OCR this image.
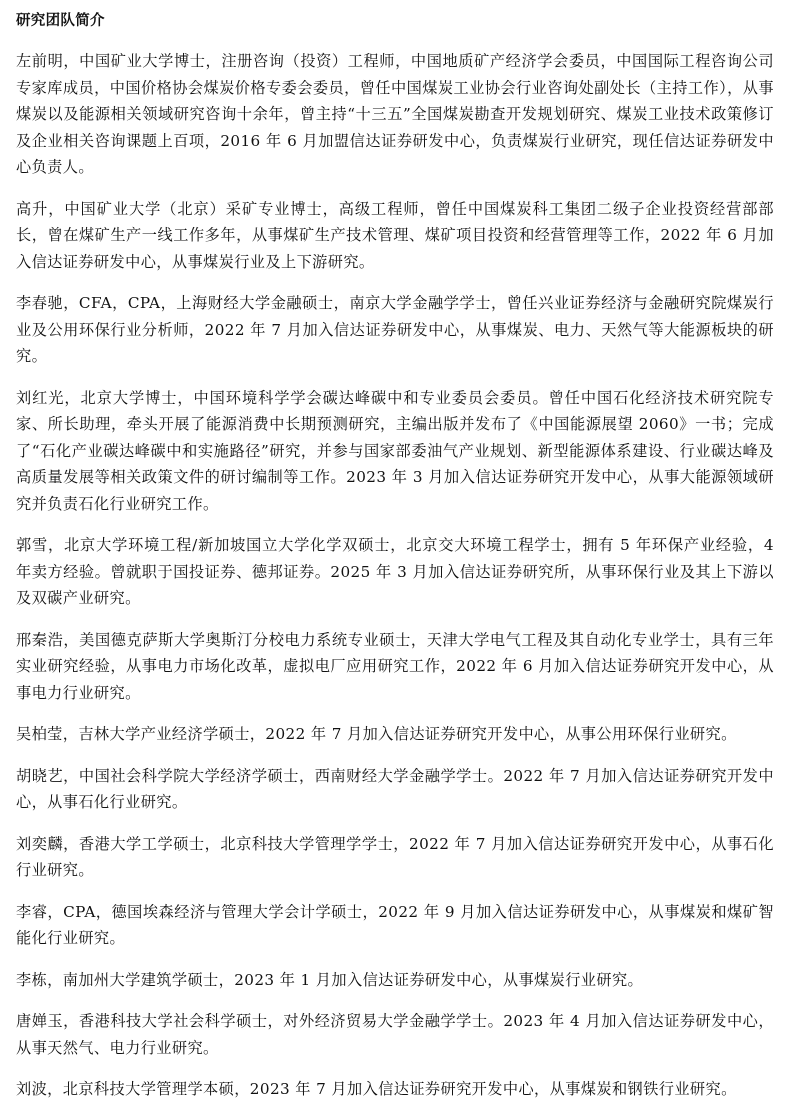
研究团队简介

左前明，中国矿业大学博士，注册咨询（投资）工程师，中国地质矿产经济学会委员，中国国际工程咨询公司专家库成员，中国价格协会煤炭价格专委会委员，曾任中国煤炭工业协会行业咨询处副处长（主持工作），从事煤炭以及能源相关领域研究咨询十余年，曾主持“十三五”全国煤炭勘查开发规划研究、煤炭工业技术政策修订及企业相关咨询课题上百项，2016 年 6 月加盟信达证券研发中心，负责煤炭行业研究，现任信达证券研发中心负责人。

高升，中国矿业大学（北京）采矿专业博士，高级工程师，曾任中国煤炭科工集团二级子企业投资经营部部长，曾在煤矿生产一线工作多年，从事煤矿生产技术管理、煤矿项目投资和经营管理等工作，2022 年 6 月加入信达证券研发中心，从事煤炭行业及上下游研究。

李春驰，CFA，CPA，上海财经大学金融硕士，南京大学金融学学士，曾任兴业证券经济与金融研究院煤炭行业及公用环保行业分析师，2022 年 7 月加入信达证券研发中心，从事煤炭、电力、天然气等大能源板块的研究。

刘红光，北京大学博士，中国环境科学学会碳达峰碳中和专业委员会委员。曾任中国石化经济技术研究院专家、所长助理，牵头开展了能源消费中长期预测研究，主编出版并发布了《中国能源展望 2060》一书；完成了“石化产业碳达峰碳中和实施路径”研究，并参与国家部委油气产业规划、新型能源体系建设、行业碳达峰及高质量发展等相关政策文件的研讨编制等工作。2023 年 3 月加入信达证券研究开发中心，从事大能源领域研究并负责石化行业研究工作。

郭雪，北京大学环境工程/新加坡国立大学化学双硕士，北京交大环境工程学士，拥有 5 年环保产业经验，4 年卖方经验。曾就职于国投证券、德邦证券。2025 年 3 月加入信达证券研究所，从事环保行业及其上下游以及双碳产业研究。

邢秦浩，美国德克萨斯大学奥斯汀分校电力系统专业硕士，天津大学电气工程及其自动化专业学士，具有三年实业研究经验，从事电力市场化改革，虚拟电厂应用研究工作，2022 年 6 月加入信达证券研究开发中心，从事电力行业研究。

吴柏莹，吉林大学产业经济学硕士，2022 年 7 月加入信达证券研究开发中心，从事公用环保行业研究。

胡晓艺，中国社会科学院大学经济学硕士，西南财经大学金融学学士。2022 年 7 月加入信达证券研究开发中心，从事石化行业研究。

刘奕麟，香港大学工学硕士，北京科技大学管理学学士，2022 年 7 月加入信达证券研究开发中心，从事石化行业研究。

李睿，CPA，德国埃森经济与管理大学会计学硕士，2022 年 9 月加入信达证券研发中心，从事煤炭和煤矿智能化行业研究。

李栋，南加州大学建筑学硕士，2023 年 1 月加入信达证券研发中心，从事煤炭行业研究。

唐婵玉，香港科技大学社会科学硕士，对外经济贸易大学金融学学士。2023 年 4 月加入信达证券研发中心，从事天然气、电力行业研究。

刘波，北京科技大学管理学本硕，2023 年 7 月加入信达证券研究开发中心，从事煤炭和钢铁行业研究。
